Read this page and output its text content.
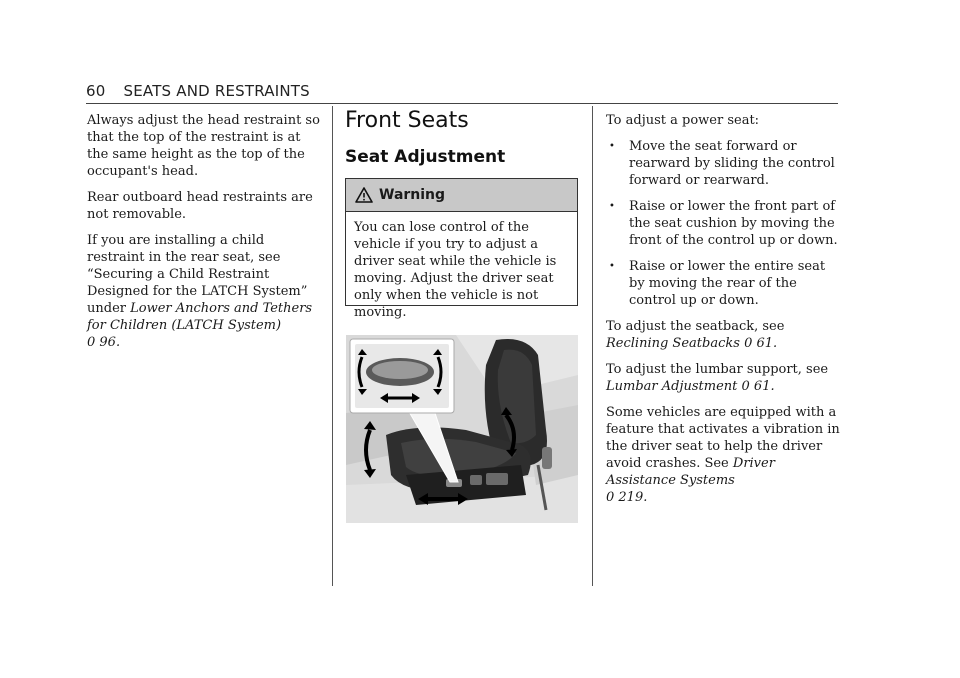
60 SEATS AND RESTRAINTS

Always adjust the head restraint so that the top of the restraint is at the same height as the top of the occupant's head.

Rear outboard head restraints are not removable.

If you are installing a child restraint in the rear seat, see “Securing a Child Restraint Designed for the LATCH System” under Lower Anchors and Tethers for Children (LATCH System)
0 96.

Front Seats
Seat Adjustment
Warning
You can lose control of the vehicle if you try to adjust a driver seat while the vehicle is moving. Adjust the driver seat only when the vehicle is not moving.

To adjust a power seat:

• Move the seat forward or rearward by sliding the control forward or rearward.
• Raise or lower the front part of the seat cushion by moving the front of the control up or down.
• Raise or lower the entire seat by moving the rear of the control up or down.

To adjust the seatback, see Reclining Seatbacks 0 61.

To adjust the lumbar support, see Lumbar Adjustment 0 61.

Some vehicles are equipped with a feature that activates a vibration in the driver seat to help the driver avoid crashes. See Driver Assistance Systems
0 219.
